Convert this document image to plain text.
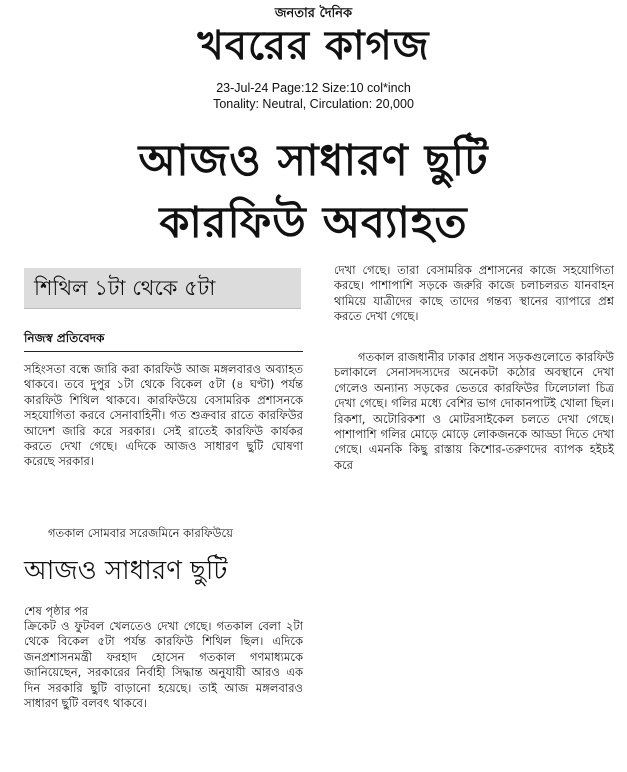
জনতার দৈনিক
খবরের কাগজ
23-Jul-24 Page:12 Size:10 col*inch
Tonality: Neutral, Circulation: 20,000
আজও সাধারণ ছুটি
কারফিউ অব্যাহত
শিথিল ১টা থেকে ৫টা
নিজস্ব প্রতিবেদক
সহিংসতা বন্ধে জারি করা কারফিউ আজ মঙ্গলবারও অব্যাহত থাকবে। তবে দুপুর ১টা থেকে বিকেল ৫টা (৪ ঘণ্টা) পর্যন্ত কারফিউ শিথিল থাকবে। কারফিউয়ে বেসামরিক প্রশাসনকে সহযোগিতা করবে সেনাবাহিনী। গত শুক্রবার রাতে কারফিউর আদেশ জারি করে সরকার। সেই রাতেই কারফিউ কার্যকর করতে দেখা গেছে। এদিকে আজও সাধারণ ছুটি ঘোষণা করেছে সরকার।
গতকাল সোমবার সরেজমিনে কারফিউয়ে
আজও সাধারণ ছুটি
শেষ পৃষ্ঠার পর
ক্রিকেট ও ফুটবল খেলতেও দেখা গেছে। গতকাল বেলা ২টা থেকে বিকেল ৫টা পর্যন্ত কারফিউ শিথিল ছিল। এদিকে জনপ্রশাসনমন্ত্রী ফরহাদ হোসেন গতকাল গণমাধ্যমকে জানিয়েছেন, সরকারের নির্বাহী সিদ্ধান্ত অনুযায়ী আরও এক দিন সরকারি ছুটি বাড়ানো হয়েছে। তাই আজ মঙ্গলবারও সাধারণ ছুটি বলবৎ থাকবে।
দেখা গেছে। তারা বেসামরিক প্রশাসনের কাজে সহযোগিতা করছে। পাশাপাশি সড়কে জরুরি কাজে চলাচলরত যানবাহন থামিয়ে যাত্রীদের কাছে তাদের গন্তব্য স্থানের ব্যাপারে প্রশ্ন করতে দেখা গেছে।
গতকাল রাজধানীর ঢাকার প্রধান সড়কগুলোতে কারফিউ চলাকালে সেনাসদস্যদের অনেকটা কঠোর অবস্থানে দেখা গেলেও অন্যান্য সড়কের ভেতরে কারফিউর ঢিলেঢালা চিত্র দেখা গেছে। গলির মধ্যে বেশির ভাগ দোকানপাটই খোলা ছিল। রিকশা, অটোরিকশা ও মোটরসাইকেল চলতে দেখা গেছে। পাশাপাশি গলির মোড়ে মোড়ে লোকজনকে আড্ডা দিতে দেখা গেছে। এমনকি কিছু রাস্তায় কিশোর-তরুণদের ব্যাপক হইচই করে
